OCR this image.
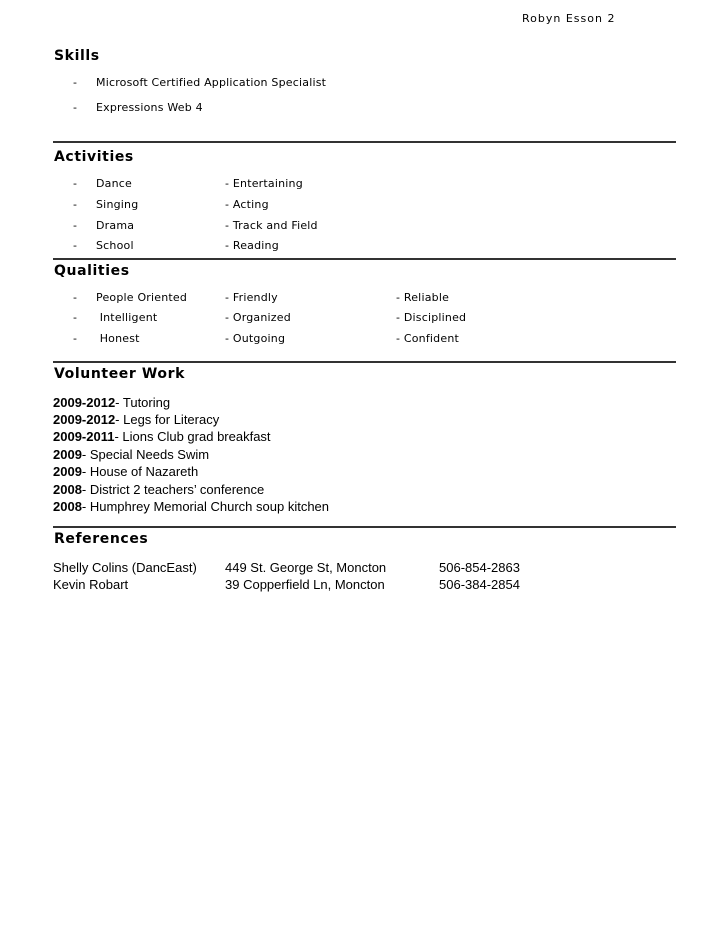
Robyn Esson 2
Skills
- Microsoft Certified Application Specialist
- Expressions Web 4
Activities
- Dance	- Entertaining
- Singing	- Acting
- Drama	- Track and Field
- School	- Reading
Qualities
- People Oriented	- Friendly	- Reliable
- Intelligent	- Organized	- Disciplined
- Honest	- Outgoing	- Confident
Volunteer Work
2009-2012- Tutoring
2009-2012- Legs for Literacy
2009-2011- Lions Club grad breakfast
2009- Special Needs Swim
2009- House of Nazareth
2008- District 2 teachers’ conference
2008- Humphrey Memorial Church soup kitchen
References
Shelly Colins (DancEast) 449 St. George St, Moncton	506-854-2863
Kevin Robart	39 Copperfield Ln, Moncton	506-384-2854
